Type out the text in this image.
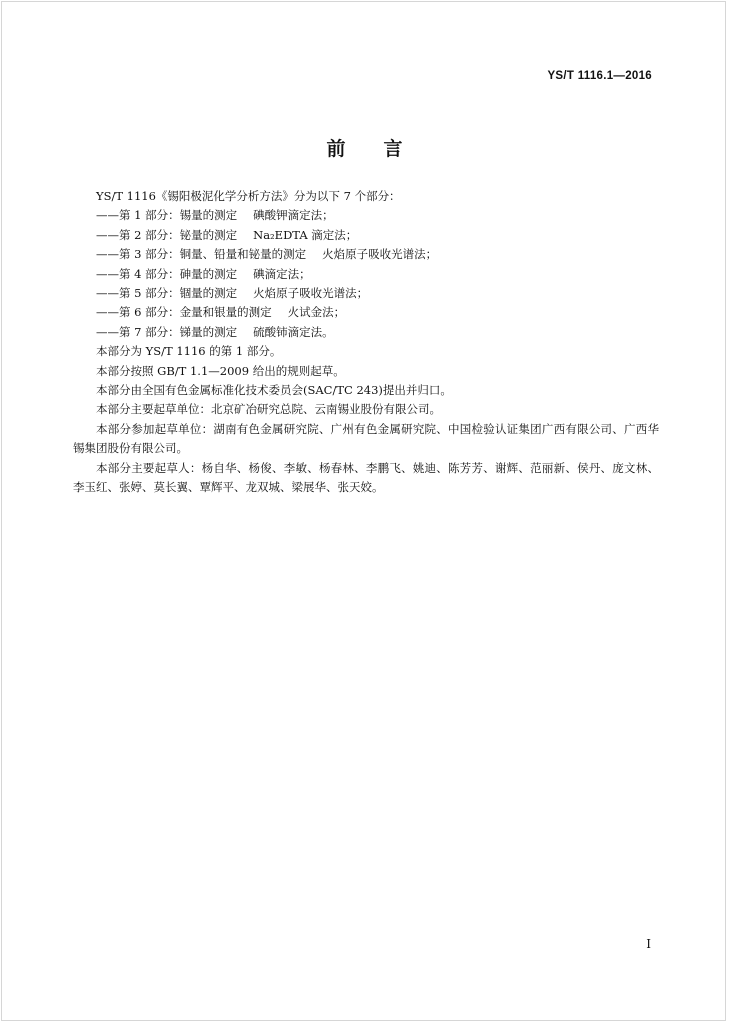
YS/T 1116.1—2016
前 言

YS/T 1116《锡阳极泥化学分析方法》分为以下 7 个部分：

——第 1 部分：锡量的测定 碘酸钾滴定法；

——第 2 部分：铋量的测定 Na₂EDTA 滴定法；

——第 3 部分：铜量、铅量和铋量的测定 火焰原子吸收光谱法；

——第 4 部分：砷量的测定 碘滴定法；

——第 5 部分：锢量的测定 火焰原子吸收光谱法；

——第 6 部分：金量和银量的测定 火试金法；

——第 7 部分：锑量的测定 硫酸铈滴定法。

本部分为 YS/T 1116 的第 1 部分。

本部分按照 GB/T 1.1—2009 给出的规则起草。

本部分由全国有色金属标准化技术委员会(SAC/TC 243)提出并归口。

本部分主要起草单位：北京矿冶研究总院、云南锡业股份有限公司。

本部分参加起草单位：湖南有色金属研究院、广州有色金属研究院、中国检验认证集团广西有限公司、广西华锡集团股份有限公司。

本部分主要起草人：杨自华、杨俊、李敏、杨春林、李鹏飞、姚迪、陈芳芳、谢辉、范丽新、侯丹、庞文林、李玉红、张婷、莫长翼、覃辉平、龙双城、梁展华、张天姣。

I
